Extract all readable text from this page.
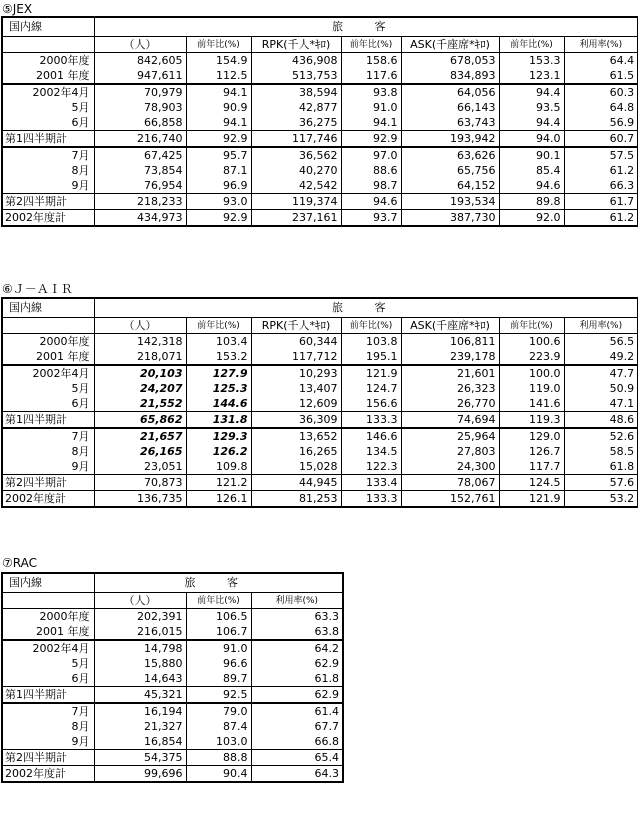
⑤JEX
国内線	旅 客						
	（人）	前年比(%)	RPK(千人*ｷﾛ)	前年比(%)	ASK(千座席*ｷﾛ)	前年比(%)	利用率(%)
2000年度	842,605	154.9	436,908	158.6	678,053	153.3	64.4
2001 年度	947,611	112.5	513,753	117.6	834,893	123.1	61.5
2002年4月	70,979	94.1	38,594	93.8	64,056	94.4	60.3
5月	78,903	90.9	42,877	91.0	66,143	93.5	64.8
6月	66,858	94.1	36,275	94.1	63,743	94.4	56.9
第1四半期計	216,740	92.9	117,746	92.9	193,942	94.0	60.7
7月	67,425	95.7	36,562	97.0	63,626	90.1	57.5
8月	73,854	87.1	40,270	88.6	65,756	85.4	61.2
9月	76,954	96.9	42,542	98.7	64,152	94.6	66.3
第2四半期計	218,233	93.0	119,374	94.6	193,534	89.8	61.7
2002年度計	434,973	92.9	237,161	93.7	387,730	92.0	61.2
⑥Ｊ－ＡＩＲ
国内線	旅 客						
	（人）	前年比(%)	RPK(千人*ｷﾛ)	前年比(%)	ASK(千座席*ｷﾛ)	前年比(%)	利用率(%)
2000年度	142,318	103.4	60,344	103.8	106,811	100.6	56.5
2001 年度	218,071	153.2	117,712	195.1	239,178	223.9	49.2
2002年4月	20,103	127.9	10,293	121.9	21,601	100.0	47.7
5月	24,207	125.3	13,407	124.7	26,323	119.0	50.9
6月	21,552	144.6	12,609	156.6	26,770	141.6	47.1
第1四半期計	65,862	131.8	36,309	133.3	74,694	119.3	48.6
7月	21,657	129.3	13,652	146.6	25,964	129.0	52.6
8月	26,165	126.2	16,265	134.5	27,803	126.7	58.5
9月	23,051	109.8	15,028	122.3	24,300	117.7	61.8
第2四半期計	70,873	121.2	44,945	133.4	78,067	124.5	57.6
2002年度計	136,735	126.1	81,253	133.3	152,761	121.9	53.2
⑦RAC
国内線	旅 客		
	（人）	前年比(%)	利用率(%)
2000年度	202,391	106.5	63.3
2001 年度	216,015	106.7	63.8
2002年4月	14,798	91.0	64.2
5月	15,880	96.6	62.9
6月	14,643	89.7	61.8
第1四半期計	45,321	92.5	62.9
7月	16,194	79.0	61.4
8月	21,327	87.4	67.7
9月	16,854	103.0	66.8
第2四半期計	54,375	88.8	65.4
2002年度計	99,696	90.4	64.3
